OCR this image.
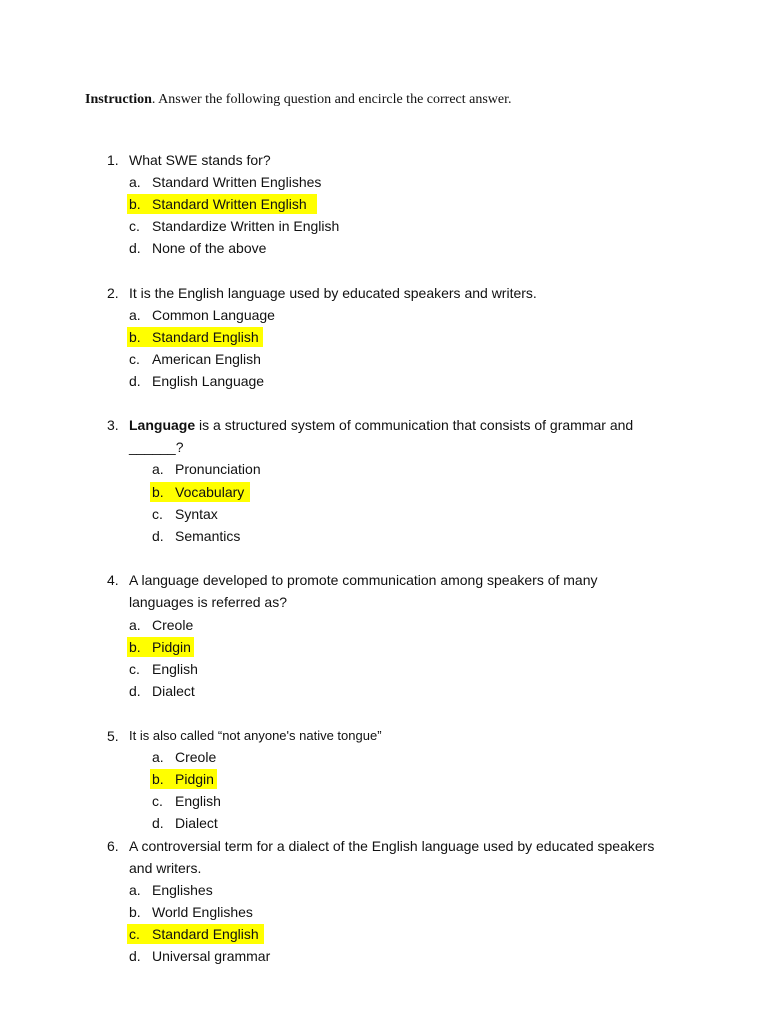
Instruction. Answer the following question and encircle the correct answer.
1. What SWE stands for?
a. Standard Written Englishes
b. Standard Written English
c. Standardize Written in English
d. None of the above
2. It is the English language used by educated speakers and writers.
a. Common Language
b. Standard English
c. American English
d. English Language
3. Language is a structured system of communication that consists of grammar and
______?
a. Pronunciation
b. Vocabulary
c. Syntax
d. Semantics
4. A language developed to promote communication among speakers of many
languages is referred as?
a. Creole
b. Pidgin
c. English
d. Dialect
5. It is also called “not anyone's native tongue”
a. Creole
b. Pidgin
c. English
d. Dialect
6. A controversial term for a dialect of the English language used by educated speakers
and writers.
a. Englishes
b. World Englishes
c. Standard English
d. Universal grammar
